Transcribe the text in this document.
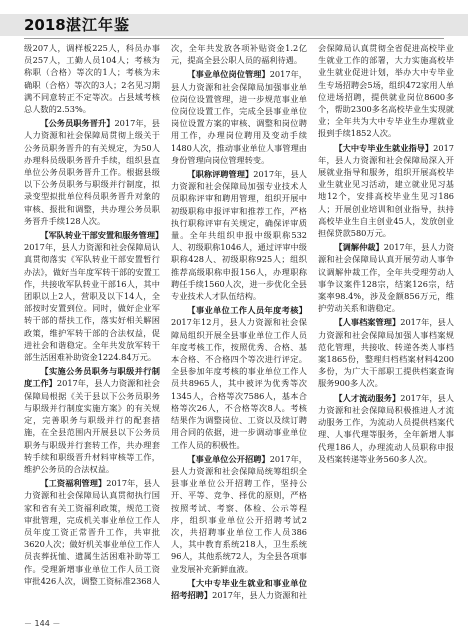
2018 湛江年鉴

级207人，调样板225人，科员办事员257人，工勤人员104人；考核为称职（合格）等次的1人；考核为未确职（合格）等次的3人；2名见习期满不同意转正不定等次。占县域考核总人数的2.53%。

【公务员职务晋升】2017年，县人力资源和社会保障局贯彻上级关于公务员职务晋升的有关规定，为50人办理科员级职务晋升手续，组织县直单位公务员职务晋升工作。根据县级以下公务员职务与职级并行制度，拟录变型拟批单位科员职务晋升对象的审核、报批和调整，共办理公务员职务晋升手续128人次。

【军队转业干部安置和服务管理】2017年，县人力资源和社会保障局认真贯彻落实《军队转业干部安置暂行办法》，做好当年度军转干部的安置工作，共接收军队转业干部16人，其中团职以上2人，营职及以下14人，全部按时安置到位。同时，做好企业军转干部的帮扶工作，落实好相关解困政策，维护军转干部的合法权益，促进社会和谐稳定。全年共发放军转干部生活困难补助资金1224.84万元。

【实施公务员职务与职级并行制度工作】2017年，县人力资源和社会保障局根据《关于县以下公务员职务与职级并行制度实施方案》的有关规定，完善职务与职级并行的配套措施，在全县范围内开展县以下公务员职务与职级并行套转工作，共办理套转手续和职级晋升材料审核等工作，维护公务员的合法权益。

【工资福利管理】2017年，县人力资源和社会保障局认真贯彻执行国家和省有关工资福利政策，规范工资审批管理，完成机关事业单位工作人员年度工资正常晋升工作，共审批3620人次；做好机关事业单位工作人员丧葬抚恤、遗属生活困难补助等工作。受理新增事业单位工作人员工资审批426人次，调整工资标准2368人次，全年共发放各项补贴资金1.2亿元，提高全县公职人员的福利待遇。

【事业单位岗位管理】2017年，县人力资源和社会保障局加强事业单位岗位设置管理，进一步规范事业单位岗位设置工作，完成全县事业单位岗位设置方案的审核、调整和岗位聘用工作，办理岗位聘用及变动手续1480人次，推动事业单位人事管理由身份管理向岗位管理转变。

【职称评聘管理】2017年，县人力资源和社会保障局加强专业技术人员职称评审和聘用管理，组织开展中初级职称申报评审和推荐工作，严格执行职称评审有关规定，确保评审质量。全年共组织申报中级职称532人、初级职称1046人，通过评审中级职称428人、初级职称925人；组织推荐高级职称申报156人，办理职称聘任手续1560人次，进一步优化全县专业技术人才队伍结构。

【事业单位工作人员年度考核】2017年12月，县人力资源和社会保障局组织开展全县事业单位工作人员年度考核工作，按照优秀、合格、基本合格、不合格四个等次进行评定。全县参加年度考核的事业单位工作人员共8965人，其中被评为优秀等次1345人，合格等次7586人，基本合格等次26人，不合格等次8人。考核结果作为调整岗位、工资以及续订聘用合同的依据，进一步调动事业单位工作人员的积极性。

【事业单位公开招聘】2017年，县人力资源和社会保障局统筹组织全县事业单位公开招聘工作，坚持公开、平等、竞争、择优的原则，严格按照考试、考察、体检、公示等程序，组织事业单位公开招聘考试2次，共招聘事业单位工作人员386人，其中教育系统218人，卫生系统96人，其他系统72人，为全县各项事业发展补充新鲜血液。

【大中专毕业生就业和事业单位招考招聘】2017年，县人力资源和社会保障局认真贯彻全省促进高校毕业生就业工作的部署，大力实施高校毕业生就业促进计划，举办大中专毕业生专场招聘会5场，组织472家用人单位进场招聘，提供就业岗位8600多个，帮助2300多名高校毕业生实现就业；全年共为大中专毕业生办理就业报到手续1852人次。

【大中专毕业生就业指导】2017年，县人力资源和社会保障局深入开展就业指导和服务，组织开展高校毕业生就业见习活动，建立就业见习基地12个，安排高校毕业生见习186人；开展创业培训和创业指导，扶持高校毕业生自主创业45人，发放创业担保贷款580万元。

【调解仲裁】2017年，县人力资源和社会保障局认真开展劳动人事争议调解仲裁工作，全年共受理劳动人事争议案件128宗，结案126宗，结案率98.4%，涉及金额856万元，维护劳动关系和谐稳定。

【人事档案管理】2017年，县人力资源和社会保障局加强人事档案规范化管理，共接收、转递各类人事档案1865份，整理归档档案材料4200多份，为广大干部职工提供档案查询服务900多人次。

【人才流动服务】2017年，县人力资源和社会保障局积极推进人才流动服务工作，为流动人员提供档案代理、人事代理等服务，全年新增人事代理186人，办理流动人员职称申报及档案转递等业务560多人次。

－ 144 －
